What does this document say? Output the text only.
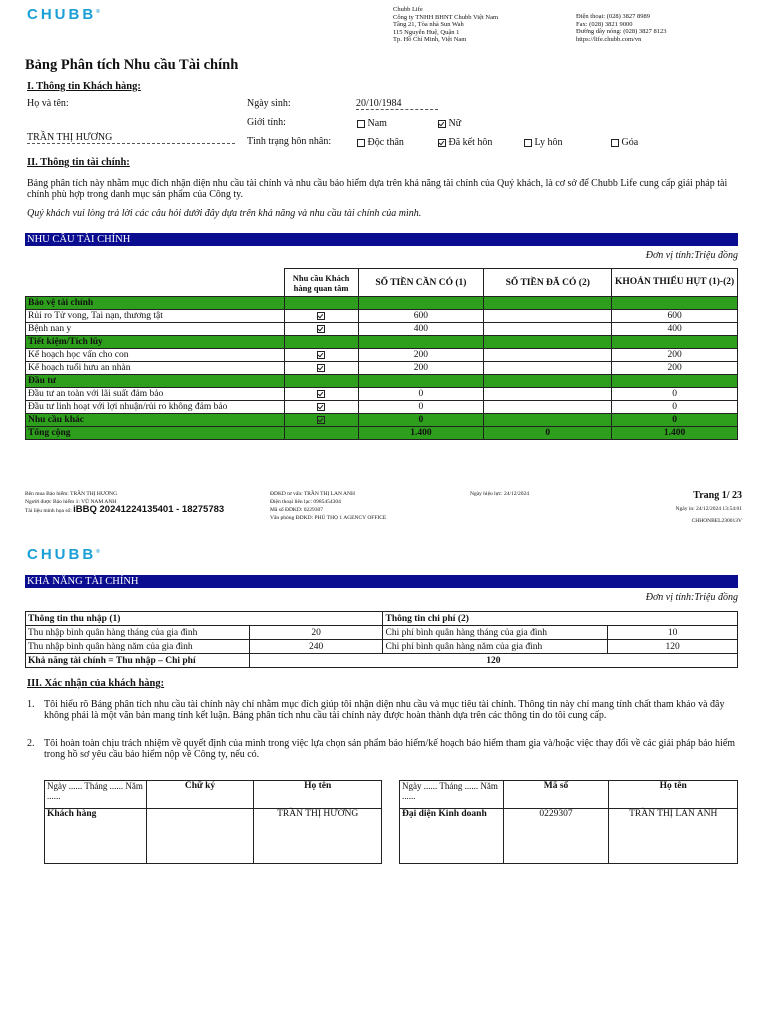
CHUBB®	Chubb Life
Công ty TNHH BHNT Chubb Việt Nam
Tầng 21, Tòa nhà Sun Wah
115 Nguyễn Huệ, Quận 1
Tp. Hồ Chí Minh, Việt Nam
Điện thoại: (028) 3827 8989
Fax: (028) 3821 9000
Đường dây nóng: (028) 3827 8123
https://life.chubb.com/vn
Bảng Phân tích Nhu cầu Tài chính
I. Thông tin Khách hàng:
Họ và tên:
TRẦN THỊ HƯƠNG
Ngày sinh:	20/10/1984
Giới tính:	Nam	Nữ
Tình trạng hôn nhân:	Độc thân	Đã kết hôn	Ly hôn	Góa
II. Thông tin tài chính:
Bảng phân tích này nhằm mục đích nhận diện nhu cầu tài chính và nhu cầu bảo hiểm dựa trên khả năng tài chính của Quý khách, là cơ sở để Chubb Life cung cấp giải pháp tài chính phù hợp trong danh mục sản phẩm của Công ty.
Quý khách vui lòng trả lời các câu hỏi dưới đây dựa trên khả năng và nhu cầu tài chính của mình.
NHU CẦU TÀI CHÍNH
Đơn vị tính:Triệu đồng
	Nhu cầu Khách hàng quan tâm	SỐ TIỀN CẦN CÓ (1)	SỐ TIỀN ĐÃ CÓ (2)	KHOẢN THIẾU HỤT (1)-(2)
Bảo vệ tài chính				
Rủi ro Tử vong, Tai nạn, thương tật		600		600
Bệnh nan y		400		400
Tiết kiệm/Tích lũy				
Kế hoạch học vấn cho con		200		200
Kế hoạch tuổi hưu an nhàn		200		200
Đầu tư				
Đầu tư an toàn với lãi suất đảm bảo		0		0
Đầu tư linh hoạt với lợi nhuận/rủi ro không đảm bảo		0		0
Nhu cầu khác		0		0
Tổng cộng		1.400	0	1.400
Bên mua Bảo hiểm: TRẦN THỊ HƯƠNG
Người được Bảo hiểm 1: VŨ NAM ANH
Tài liệu minh họa số: iBBQ 20241224135401 - 18275783
ĐDKD tư vấn: TRẦN THỊ LAN ANH
Điện thoại liên lạc: 0985454304
Mã số ĐDKD: 0229307
Văn phòng ĐDKD: PHÚ THỌ 1 AGENCY OFFICE
Ngày hiệu lực: 24/12/2024	Trang 1/ 23
Ngày in: 24/12/2024 13:54:01
CHHONBEL230013V
CHUBB®
KHẢ NĂNG TÀI CHÍNH
Đơn vị tính:Triệu đồng
Thông tin thu nhập (1)		Thông tin chi phí (2)	
Thu nhập bình quân hàng tháng của gia đình	20	Chi phí bình quân hàng tháng của gia đình	10
Thu nhập bình quân hàng năm của gia đình	240	Chi phí bình quân hàng năm của gia đình	120
Khả năng tài chính = Thu nhập – Chi phí	120		
III. Xác nhận của khách hàng:
1. Tôi hiểu rõ Bảng phân tích nhu cầu tài chính này chỉ nhằm mục đích giúp tôi nhận diện nhu cầu và mục tiêu tài chính. Thông tin này chỉ mang tính chất tham khảo và đây không phải là một văn bản mang tính kết luận. Bảng phân tích nhu cầu tài chính này được hoàn thành dựa trên các thông tin do tôi cung cấp.
2. Tôi hoàn toàn chịu trách nhiệm về quyết định của mình trong việc lựa chọn sản phẩm bảo hiểm/kế hoạch bảo hiểm tham gia và/hoặc việc thay đổi về các giải pháp bảo hiểm trong hồ sơ yêu cầu bảo hiểm nộp về Công ty, nếu có.
Ngày ...... Tháng ...... Năm ......	Chữ ký	Họ tên
Khách hàng		TRẦN THỊ HƯƠNG
Ngày ...... Tháng ...... Năm ......	Mã số	Họ tên
Đại diện Kinh doanh	0229307	TRẦN THỊ LAN ANH
